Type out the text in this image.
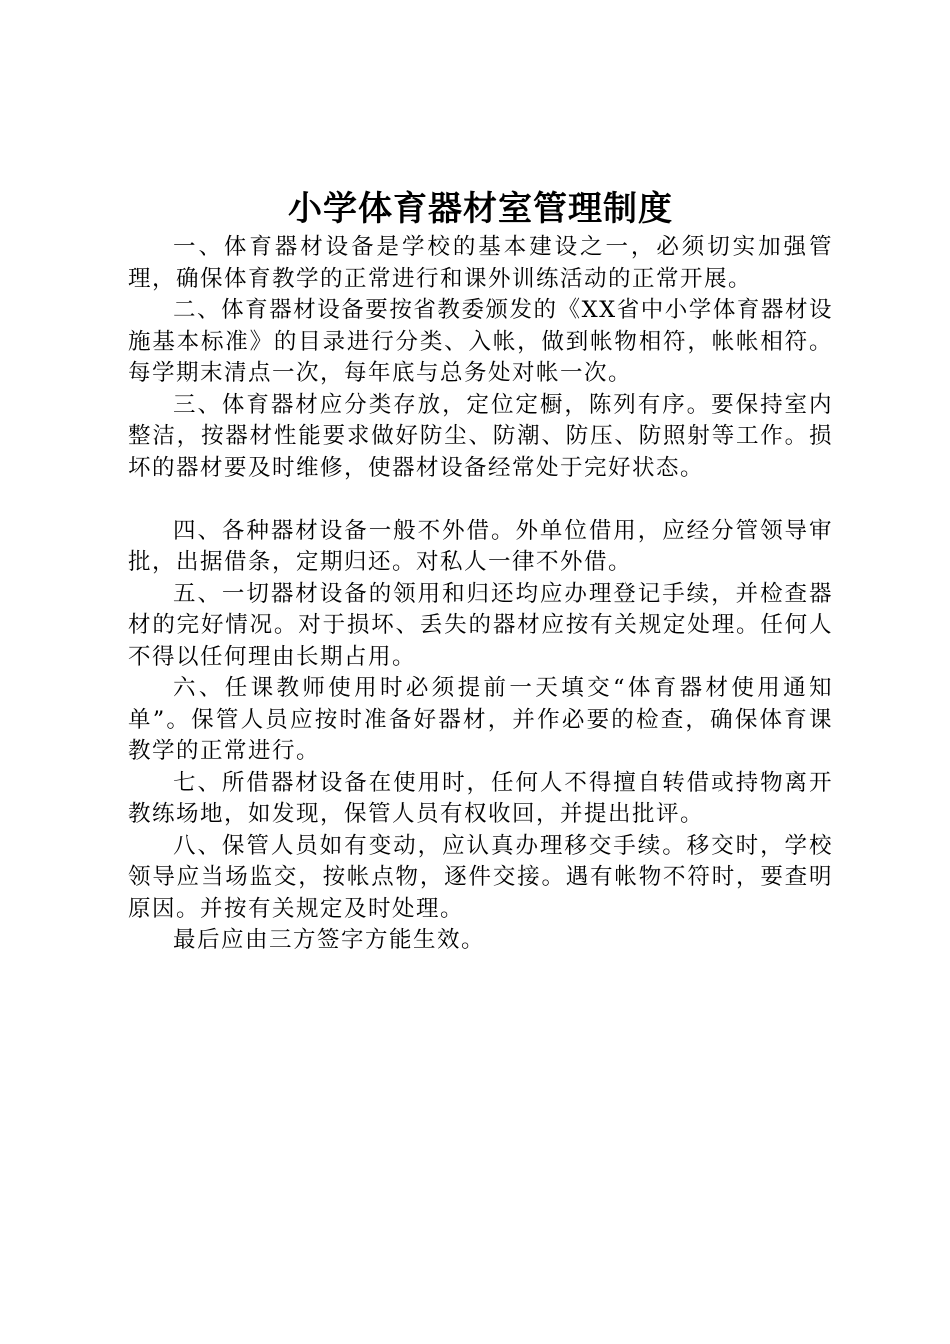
小学体育器材室管理制度

一、体育器材设备是学校的基本建设之一，必须切实加强管理，确保体育教学的正常进行和课外训练活动的正常开展。

二、体育器材设备要按省教委颁发的《XX省中小学体育器材设施基本标准》的目录进行分类、入帐，做到帐物相符，帐帐相符。每学期末清点一次，每年底与总务处对帐一次。

三、体育器材应分类存放，定位定橱，陈列有序。要保持室内整洁，按器材性能要求做好防尘、防潮、防压、防照射等工作。损坏的器材要及时维修，使器材设备经常处于完好状态。

四、各种器材设备一般不外借。外单位借用，应经分管领导审批，出据借条，定期归还。对私人一律不外借。

五、一切器材设备的领用和归还均应办理登记手续，并检查器材的完好情况。对于损坏、丢失的器材应按有关规定处理。任何人不得以任何理由长期占用。

六、任课教师使用时必须提前一天填交“体育器材使用通知单”。保管人员应按时准备好器材，并作必要的检查，确保体育课教学的正常进行。

七、所借器材设备在使用时，任何人不得擅自转借或持物离开教练场地，如发现，保管人员有权收回，并提出批评。

八、保管人员如有变动，应认真办理移交手续。移交时，学校领导应当场监交，按帐点物，逐件交接。遇有帐物不符时，要查明原因。并按有关规定及时处理。

最后应由三方签字方能生效。
